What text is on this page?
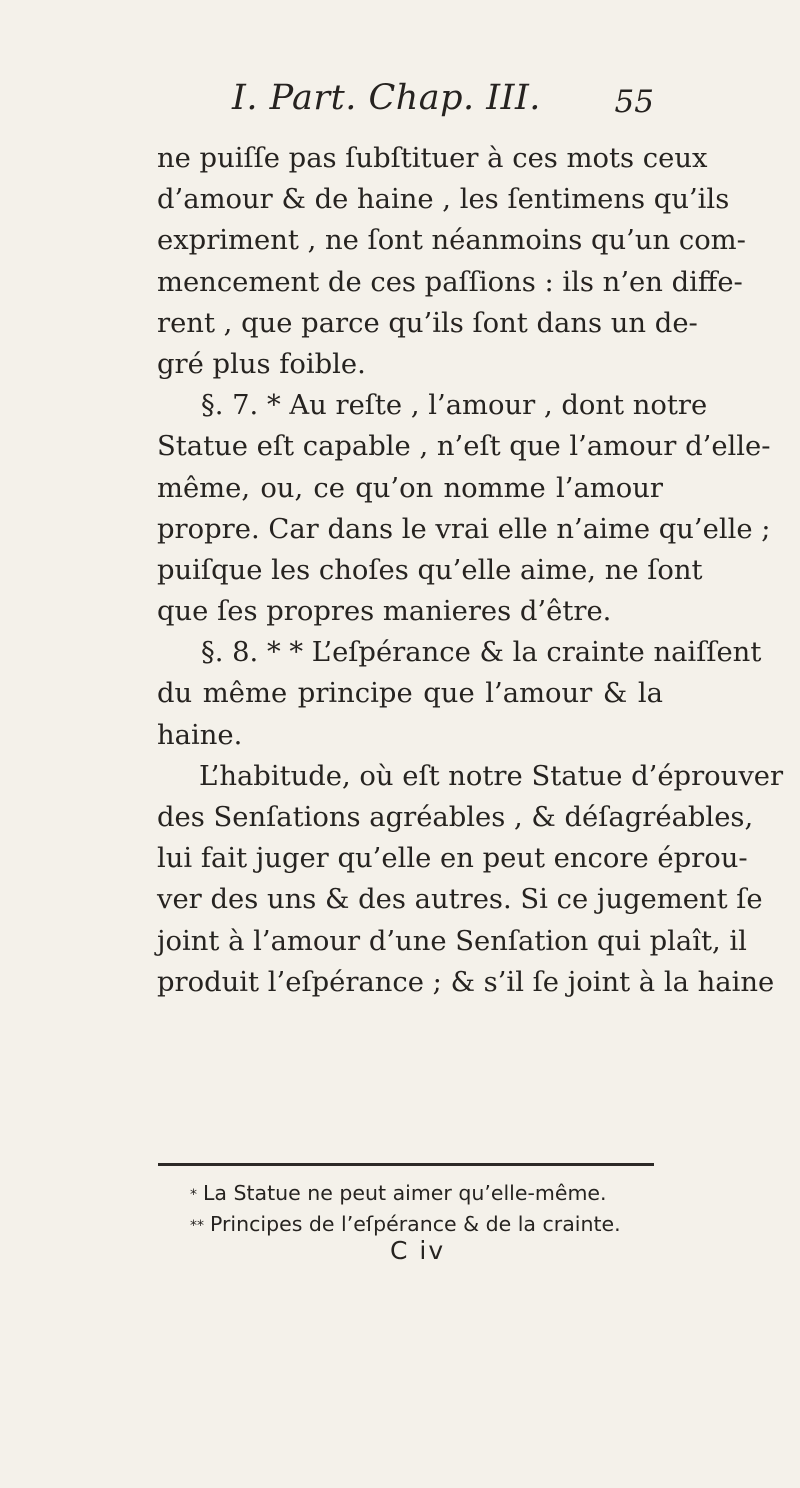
I. Part. Chap. III. 55
ne puiſſe pas ſubſtituer à ces mots ceux
d’amour & de haine , les ſentimens qu’ils
expriment , ne ſont néanmoins qu’un com-
mencement de ces paſſions : ils n’en diffe-
rent , que parce qu’ils ſont dans un de-
gré plus foible.
§. 7. * Au reſte , l’amour , dont notre
Statue eſt capable , n’eſt que l’amour d’elle-
même, ou, ce qu’on nomme l’amour
propre. Car dans le vrai elle n’aime qu’elle ;
puiſque les choſes qu’elle aime, ne ſont
que ſes propres manieres d’être.
§. 8. * * L’eſpérance & la crainte naiſſent
du même principe que l’amour & la
haine.
L’habitude, où eſt notre Statue d’éprouver
des Senſations agréables , & déſagréables,
lui fait juger qu’elle en peut encore éprou-
ver des uns & des autres. Si ce jugement ſe
joint à l’amour d’une Senſation qui plaît, il
produit l’eſpérance ; & s’il ſe joint à la haine
* La Statue ne peut aimer qu’elle-même.
** Principes de l’eſpérance & de la crainte.
C iv
